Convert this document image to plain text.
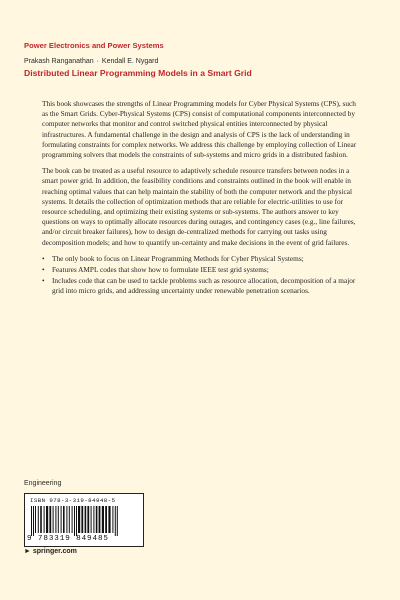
Power Electronics and Power Systems
Prakash Ranganathan · Kendall E. Nygard
Distributed Linear Programming Models in a Smart Grid

This book showcases the strengths of Linear Programming models for Cyber Physical Systems (CPS), such as the Smart Grids. Cyber-Physical Systems (CPS) consist of computational components interconnected by computer networks that monitor and control switched physical entities interconnected by physical infrastructures. A fundamental challenge in the design and analysis of CPS is the lack of understanding in formulating constraints for complex networks. We address this challenge by employing collection of Linear programming solvers that models the constraints of sub-systems and micro grids in a distributed fashion.

The book can be treated as a useful resource to adaptively schedule resource transfers between nodes in a smart power grid. In addition, the feasibility conditions and constraints outlined in the book will enable in reaching optimal values that can help maintain the stability of both the computer network and the physical systems. It details the collection of optimization methods that are reliable for electric-utilities to use for resource scheduling, and optimizing their existing systems or sub-systems. The authors answer to key questions on ways to optimally allocate resources during outages, and contingency cases (e.g., line failures, and/or circuit breaker failures), how to design de-centralized methods for carrying out tasks using decomposition models; and how to quantify un-certainty and make decisions in the event of grid failures.

• The only book to focus on Linear Programming Methods for Cyber Physical Systems;
• Features AMPL codes that show how to formulate IEEE test grid systems;
• Includes code that can be used to tackle problems such as resource allocation, decomposition of a major grid into micro grids, and addressing uncertainty under renewable penetration scenarios.
Engineering
ISBN 978-3-319-84948-5
9 783319 849485
► springer.com
